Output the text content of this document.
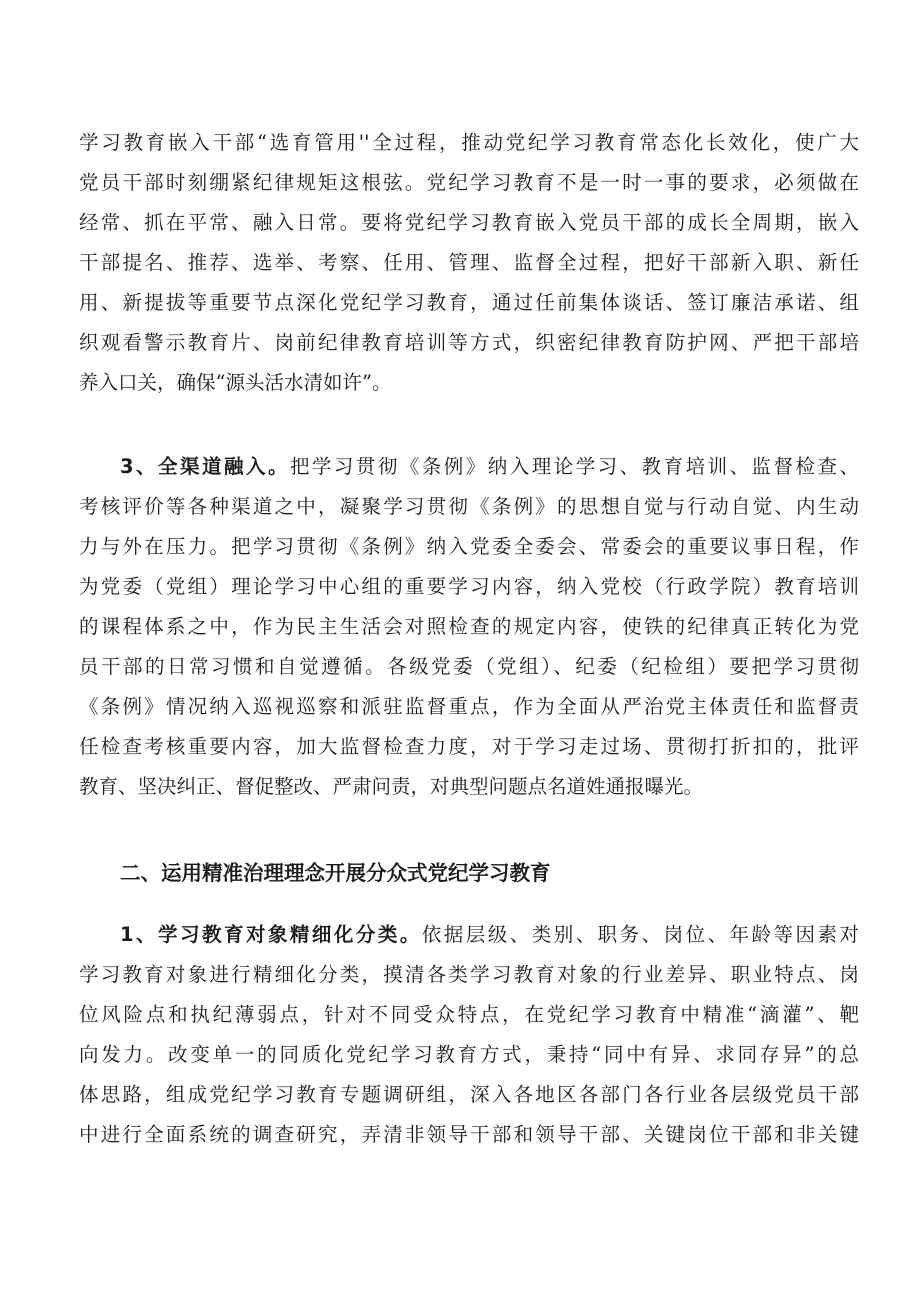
学习教育嵌入干部“选育管用''全过程，推动党纪学习教育常态化长效化，使广大
党员干部时刻绷紧纪律规矩这根弦。党纪学习教育不是一时一事的要求，必须做在
经常、抓在平常、融入日常。要将党纪学习教育嵌入党员干部的成长全周期，嵌入
干部提名、推荐、选举、考察、任用、管理、监督全过程，把好干部新入职、新任
用、新提拔等重要节点深化党纪学习教育，通过任前集体谈话、签订廉洁承诺、组
织观看警示教育片、岗前纪律教育培训等方式，织密纪律教育防护网、严把干部培
养入口关，确保“源头活水清如许”。
3、全渠道融入。把学习贯彻《条例》纳入理论学习、教育培训、监督检查、
考核评价等各种渠道之中，凝聚学习贯彻《条例》的思想自觉与行动自觉、内生动
力与外在压力。把学习贯彻《条例》纳入党委全委会、常委会的重要议事日程，作
为党委（党组）理论学习中心组的重要学习内容，纳入党校（行政学院）教育培训
的课程体系之中，作为民主生活会对照检查的规定内容，使铁的纪律真正转化为党
员干部的日常习惯和自觉遵循。各级党委（党组）、纪委（纪检组）要把学习贯彻
《条例》情况纳入巡视巡察和派驻监督重点，作为全面从严治党主体责任和监督责
任检查考核重要内容，加大监督检查力度，对于学习走过场、贯彻打折扣的，批评
教育、坚决纠正、督促整改、严肃问责，对典型问题点名道姓通报曝光。
二、运用精准治理理念开展分众式党纪学习教育
1、学习教育对象精细化分类。依据层级、类别、职务、岗位、年龄等因素对
学习教育对象进行精细化分类，摸清各类学习教育对象的行业差异、职业特点、岗
位风险点和执纪薄弱点，针对不同受众特点，在党纪学习教育中精准“滴灌”、靶
向发力。改变单一的同质化党纪学习教育方式，秉持“同中有异、求同存异”的总
体思路，组成党纪学习教育专题调研组，深入各地区各部门各行业各层级党员干部
中进行全面系统的调查研究，弄清非领导干部和领导干部、关键岗位干部和非关键
